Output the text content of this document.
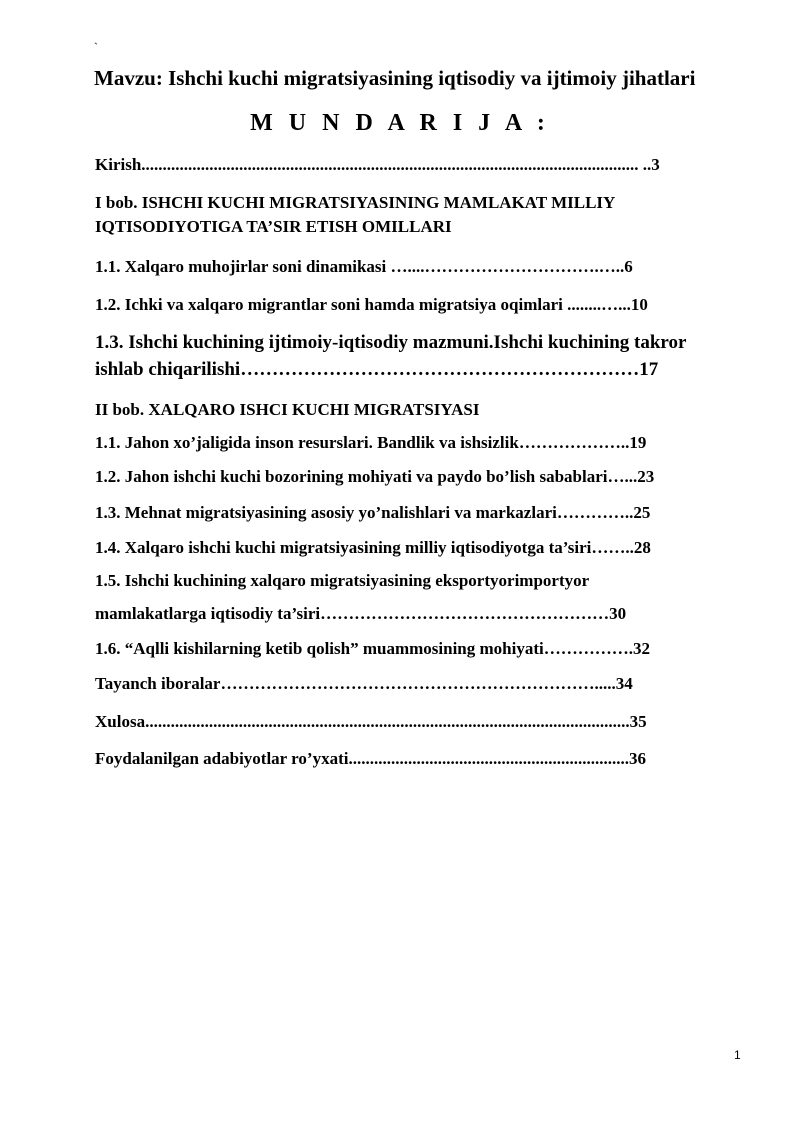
`
Mavzu: Ishchi kuchi migratsiyasining iqtisodiy va ijtimoiy jihatlari
M U N D A R I J A :
Kirish..................................................................................................................... ..3
I bob. ISHCHI KUCHI MIGRATSIYASINING MAMLAKAT MILLIY
IQTISODIYOTIGA TA’SIR ETISH OMILLARI
1.1. Xalqaro muhojirlar soni dinamikasi …....………………………….…..6
1.2. Ichki va xalqaro migrantlar soni hamda migratsiya oqimlari ........…...10
1.3. Ishchi kuchining ijtimoiy-iqtisodiy mazmuni.Ishchi kuchining takror
ishlab chiqarilishi………………………………………………………17
II bob. XALQARO ISHCI KUCHI MIGRATSIYASI
1.1. Jahon xo’jaligida inson resurslari. Bandlik va ishsizlik………………..19
1.2. Jahon ishchi kuchi bozorining mohiyati va paydo bo’lish sabablari…...23
1.3. Mehnat migratsiyasining asosiy yo’nalishlari va markazlari…………..25
1.4. Xalqaro ishchi kuchi migratsiyasining milliy iqtisodiyotga ta’siri……..28
1.5. Ishchi kuchining xalqaro migratsiyasining eksportyorimportyor
mamlakatlarga iqtisodiy ta’siri……………………………………………30
1.6. “Aqlli kishilarning ketib qolish” muammosining mohiyati…………….32
Tayanch iboralar………………………………………………………….....34
Xulosa..................................................................................................................35
Foydalanilgan adabiyotlar ro’yxati..................................................................36
1
